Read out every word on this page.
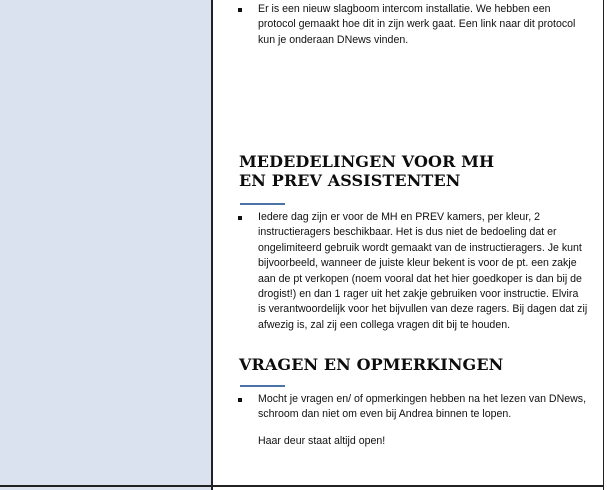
Er is een nieuw slagboom intercom installatie. We hebben een protocol gemaakt hoe dit in zijn werk gaat. Een link naar dit protocol kun je onderaan DNews vinden.
MEDEDELINGEN VOOR MH
EN PREV ASSISTENTEN
Iedere dag zijn er voor de MH en PREV kamers, per kleur, 2 instructieragers beschikbaar. Het is dus niet de bedoeling dat er ongelimiteerd gebruik wordt gemaakt van de instructieragers. Je kunt bijvoorbeeld, wanneer de juiste kleur bekent is voor de pt. een zakje aan de pt verkopen (noem vooral dat het hier goedkoper is dan bij de drogist!) en dan 1 rager uit het zakje gebruiken voor instructie. Elvira is verantwoordelijk voor het bijvullen van deze ragers. Bij dagen dat zij afwezig is, zal zij een collega vragen dit bij te houden.
VRAGEN EN OPMERKINGEN
Mocht je vragen en/ of opmerkingen hebben na het lezen van DNews, schroom dan niet om even bij Andrea binnen te lopen.
Haar deur staat altijd open!
